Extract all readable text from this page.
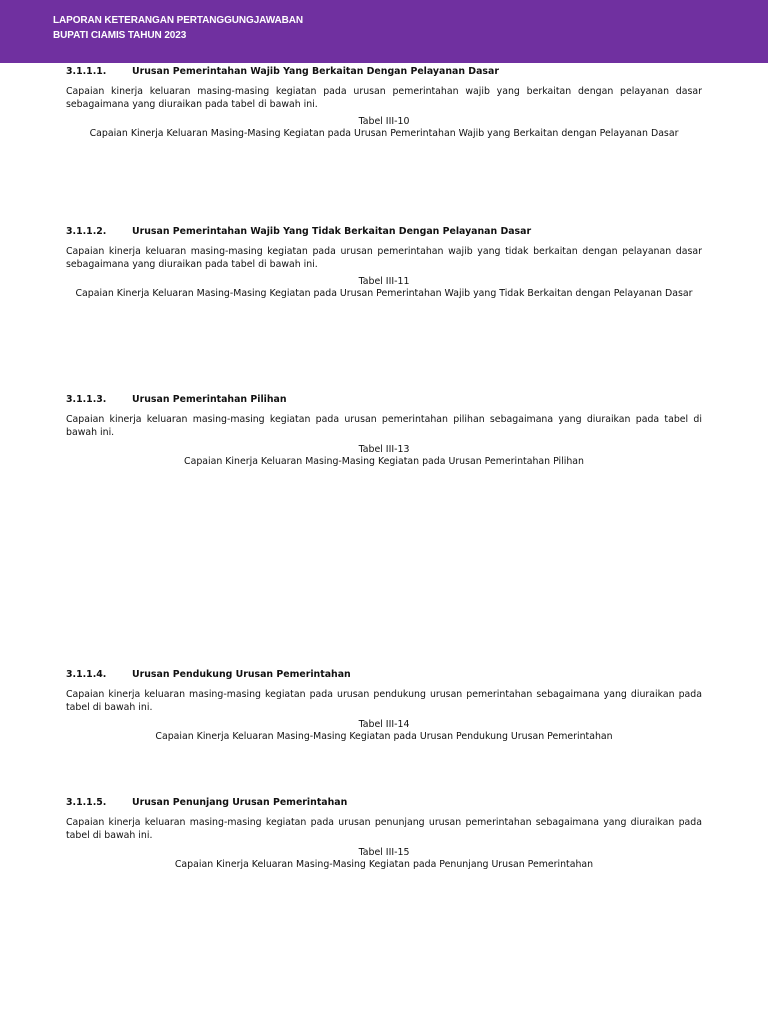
LAPORAN KETERANGAN PERTANGGUNGJAWABAN
BUPATI CIAMIS TAHUN 2023
3.1.1.1.	Urusan Pemerintahan Wajib Yang Berkaitan Dengan Pelayanan Dasar
Capaian kinerja keluaran masing-masing kegiatan pada urusan pemerintahan wajib yang berkaitan dengan pelayanan dasar sebagaimana yang diuraikan pada tabel di bawah ini.
Tabel III-10
Capaian Kinerja Keluaran Masing-Masing Kegiatan pada Urusan Pemerintahan Wajib yang Berkaitan dengan Pelayanan Dasar
3.1.1.2.	Urusan Pemerintahan Wajib Yang Tidak Berkaitan Dengan Pelayanan Dasar
Capaian kinerja keluaran masing-masing kegiatan pada urusan pemerintahan wajib yang tidak berkaitan dengan pelayanan dasar sebagaimana yang diuraikan pada tabel di bawah ini.
Tabel III-11
Capaian Kinerja Keluaran Masing-Masing Kegiatan pada Urusan Pemerintahan Wajib yang Tidak Berkaitan dengan Pelayanan Dasar
3.1.1.3.	Urusan Pemerintahan Pilihan
Capaian kinerja keluaran masing-masing kegiatan pada urusan pemerintahan pilihan sebagaimana yang diuraikan pada tabel di bawah ini.
Tabel III-13
Capaian Kinerja Keluaran Masing-Masing Kegiatan pada Urusan Pemerintahan Pilihan
3.1.1.4.	Urusan Pendukung Urusan Pemerintahan
Capaian kinerja keluaran masing-masing kegiatan pada urusan pendukung urusan pemerintahan sebagaimana yang diuraikan pada tabel di bawah ini.
Tabel III-14
Capaian Kinerja Keluaran Masing-Masing Kegiatan pada Urusan Pendukung Urusan Pemerintahan
3.1.1.5.	Urusan Penunjang Urusan Pemerintahan
Capaian kinerja keluaran masing-masing kegiatan pada urusan penunjang urusan pemerintahan sebagaimana yang diuraikan pada tabel di bawah ini.
Tabel III-15
Capaian Kinerja Keluaran Masing-Masing Kegiatan pada Penunjang Urusan Pemerintahan
